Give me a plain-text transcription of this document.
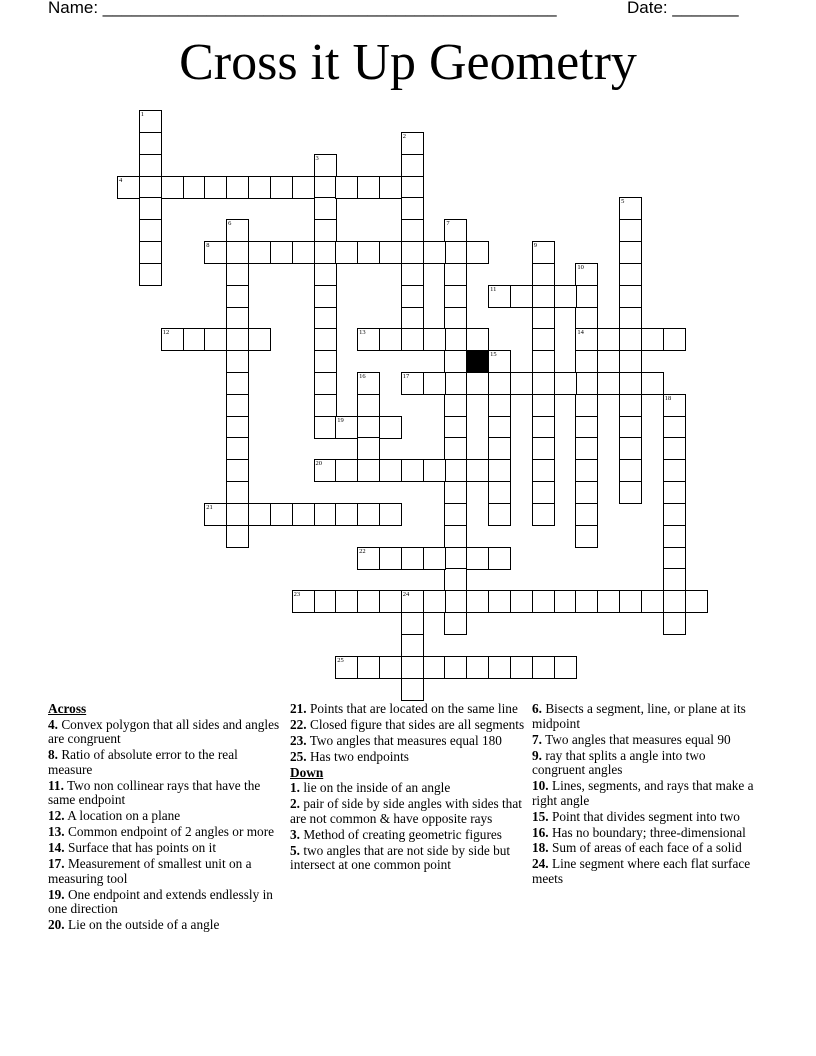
Name: ________________________________________________	Date: _______
Cross it Up Geometry
1
2
3
4
5
6	7
8	9
10
14
11
12	13
15
16	17
18
19
20
21
22
23	24
25
Across
4. Convex polygon that all sides and angles are congruent
8. Ratio of absolute error to the real measure
11. Two non collinear rays that have the same endpoint
12. A location on a plane
13. Common endpoint of 2 angles or more
14. Surface that has points on it
17. Measurement of smallest unit on a measuring tool
19. One endpoint and extends endlessly in one direction
20. Lie on the outside of a angle
21. Points that are located on the same line
22. Closed figure that sides are all segments
23. Two angles that measures equal 180
25. Has two endpoints
Down
1. lie on the inside of an angle
2. pair of side by side angles with sides that are not common & have opposite rays
3. Method of creating geometric figures
5. two angles that are not side by side but intersect at one common point
6. Bisects a segment, line, or plane at its midpoint
7. Two angles that measures equal 90
9. ray that splits a angle into two congruent angles
10. Lines, segments, and rays that make a right angle
15. Point that divides segment into two
16. Has no boundary; three-dimensional
18. Sum of areas of each face of a solid
24. Line segment where each flat surface meets
